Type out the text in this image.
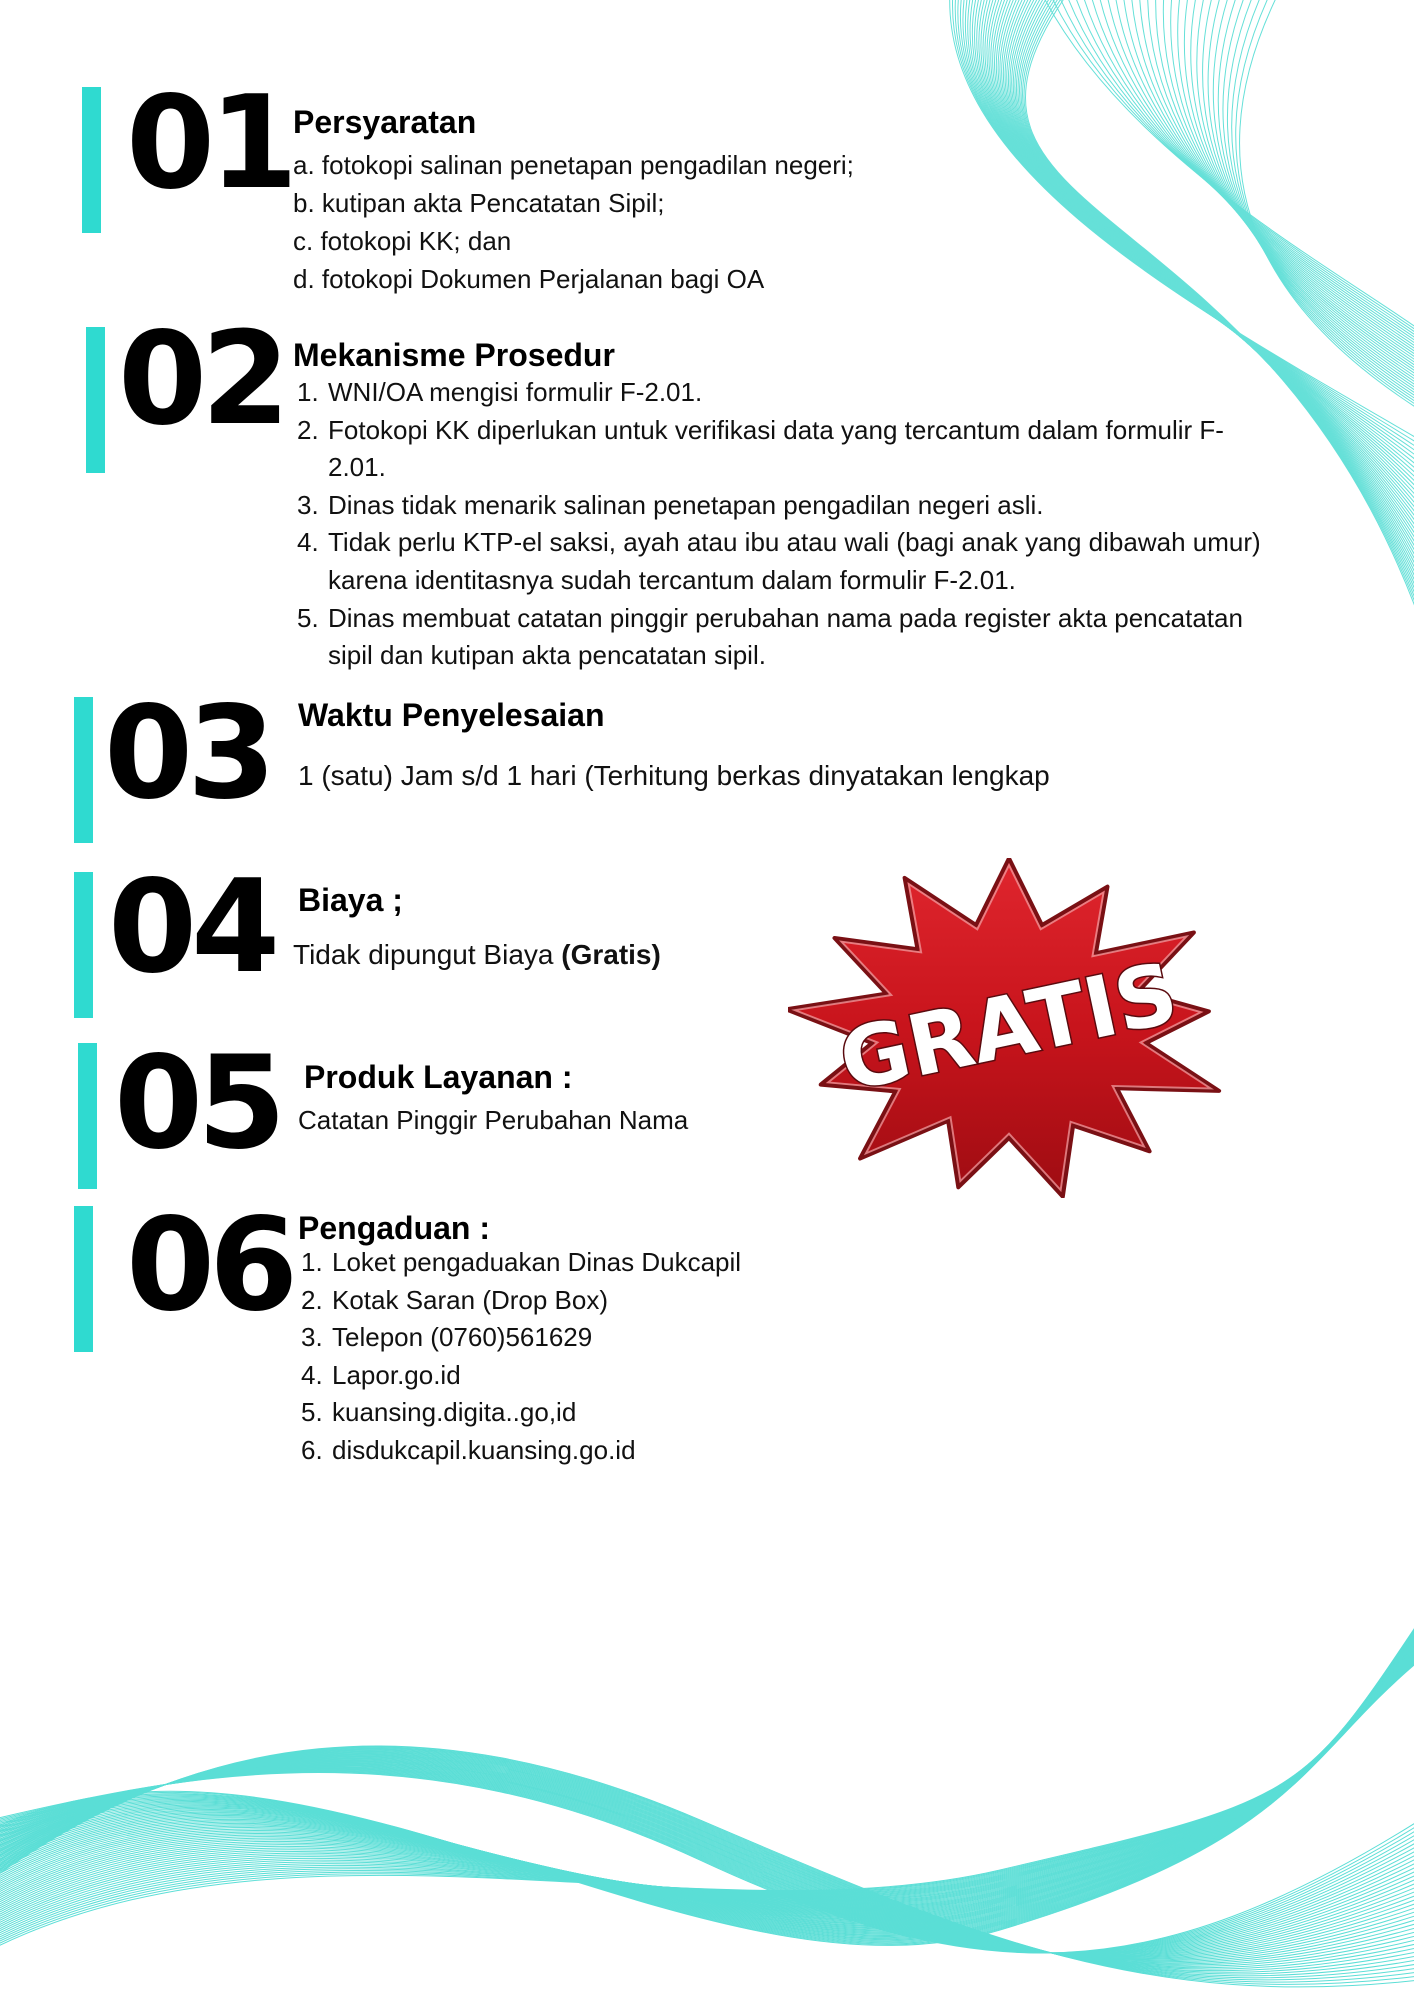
01 Persyaratan
a. fotokopi salinan penetapan pengadilan negeri;
b. kutipan akta Pencatatan Sipil;
c. fotokopi KK; dan
d. fotokopi Dokumen Perjalanan bagi OA
02 Mekanisme Prosedur
1. WNI/OA mengisi formulir F-2.01.
2. Fotokopi KK diperlukan untuk verifikasi data yang tercantum dalam formulir F-
2.01.
3. Dinas tidak menarik salinan penetapan pengadilan negeri asli.
4. Tidak perlu KTP-el saksi, ayah atau ibu atau wali (bagi anak yang dibawah umur)
karena identitasnya sudah tercantum dalam formulir F-2.01.
5. Dinas membuat catatan pinggir perubahan nama pada register akta pencatatan
sipil dan kutipan akta pencatatan sipil.
03 Waktu Penyelesaian
1 (satu) Jam s/d 1 hari (Terhitung berkas dinyatakan lengkap
04 Biaya ;
Tidak dipungut Biaya (Gratis)
05 Produk Layanan :
Catatan Pinggir Perubahan Nama
06 Pengaduan :
1. Loket pengaduakan Dinas Dukcapil
2. Kotak Saran (Drop Box)
3. Telepon (0760)561629
4. Lapor.go.id
5. kuansing.digita..go,id
6. disdukcapil.kuansing.go.id
GRATIS
